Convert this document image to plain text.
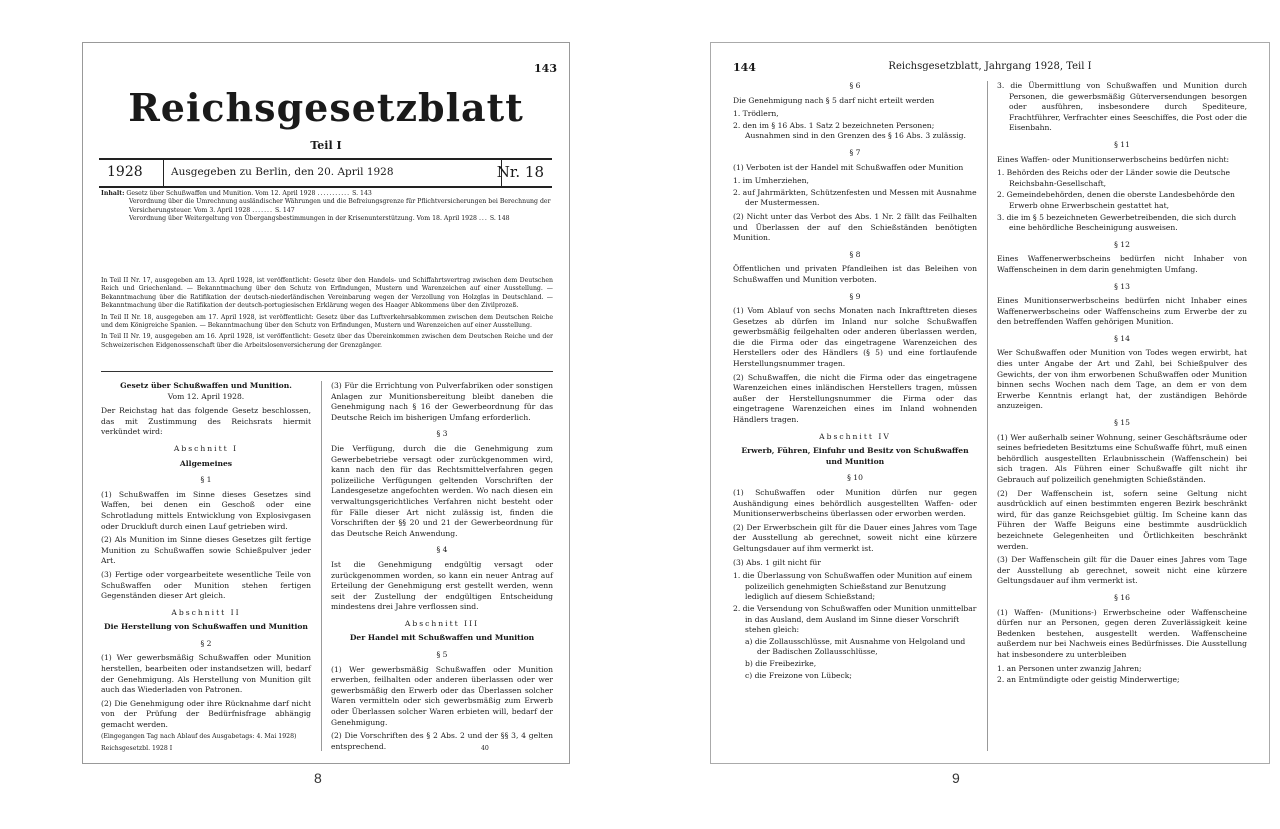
143
Reichsgesetzblatt
Teil I
1928	Ausgegeben zu Berlin, den 20. April 1928	Nr. 18
Inhalt: Gesetz über Schußwaffen und Munition. Vom 12. April 1928 ........... S. 143
Verordnung über die Umrechnung ausländischer Währungen und die Befreiungsgrenze für Pflichtversicherungen bei Berechnung der Versicherungsteuer. Vom 3. April 1928 ....... S. 147
Verordnung über Weitergeltung von Übergangsbestimmungen in der Krisenunterstützung. Vom 18. April 1928 ... S. 148

In Teil II Nr. 17, ausgegeben am 13. April 1928, ist veröffentlicht: Gesetz über den Handels- und Schiffahrtsvertrag zwischen dem Deutschen Reich und Griechenland. — Bekanntmachung über den Schutz von Erfindungen, Mustern und Warenzeichen auf einer Ausstellung. — Bekanntmachung über die Ratifikation der deutsch-niederländischen Vereinbarung wegen der Verzollung von Holzglas in Deutschland. — Bekanntmachung über die Ratifikation der deutsch-portugiesischen Erklärung wegen des Haager Abkommens über den Zivilprozeß.

In Teil II Nr. 18, ausgegeben am 17. April 1928, ist veröffentlicht: Gesetz über das Luftverkehrsabkommen zwischen dem Deutschen Reiche und dem Königreiche Spanien. — Bekanntmachung über den Schutz von Erfindungen, Mustern und Warenzeichen auf einer Ausstellung.

In Teil II Nr. 19, ausgegeben am 16. April 1928, ist veröffentlicht: Gesetz über das Übereinkommen zwischen dem Deutschen Reiche und der Schweizerischen Eidgenossenschaft über die Arbeitslosenversicherung der Grenzgänger.

Gesetz über Schußwaffen und Munition.
Vom 12. April 1928.

Der Reichstag hat das folgende Gesetz beschlossen, das mit Zustimmung des Reichsrats hiermit verkündet wird:

Abschnitt I
Allgemeines
§ 1

(1) Schußwaffen im Sinne dieses Gesetzes sind Waffen, bei denen ein Geschoß oder eine Schrotladung mittels Entwicklung von Explosivgasen oder Druckluft durch einen Lauf getrieben wird.

(2) Als Munition im Sinne dieses Gesetzes gilt fertige Munition zu Schußwaffen sowie Schießpulver jeder Art.

(3) Fertige oder vorgearbeitete wesentliche Teile von Schußwaffen oder Munition stehen fertigen Gegenständen dieser Art gleich.

Abschnitt II
Die Herstellung von Schußwaffen und Munition
§ 2

(1) Wer gewerbsmäßig Schußwaffen oder Munition herstellen, bearbeiten oder instandsetzen will, bedarf der Genehmigung. Als Herstellung von Munition gilt auch das Wiederladen von Patronen.

(2) Die Genehmigung oder ihre Rücknahme darf nicht von der Prüfung der Bedürfnisfrage abhängig gemacht werden.

(Eingegangen Tag nach Ablauf des Ausgabetags: 4. Mai 1928)
Reichsgesetzbl. 1928 I

(3) Für die Errichtung von Pulverfabriken oder sonstigen Anlagen zur Munitionsbereitung bleibt daneben die Genehmigung nach § 16 der Gewerbeordnung für das Deutsche Reich im bisherigen Umfang erforderlich.

§ 3

Die Verfügung, durch die die Genehmigung zum Gewerbebetriebe versagt oder zurückgenommen wird, kann nach den für das Rechtsmittelverfahren gegen polizeiliche Verfügungen geltenden Vorschriften der Landesgesetze angefochten werden. Wo nach diesen ein verwaltungsgerichtliches Verfahren nicht besteht oder für Fälle dieser Art nicht zulässig ist, finden die Vorschriften der §§ 20 und 21 der Gewerbeordnung für das Deutsche Reich Anwendung.

§ 4

Ist die Genehmigung endgültig versagt oder zurückgenommen worden, so kann ein neuer Antrag auf Erteilung der Genehmigung erst gestellt werden, wenn seit der Zustellung der endgültigen Entscheidung mindestens drei Jahre verflossen sind.

Abschnitt III
Der Handel mit Schußwaffen und Munition
§ 5

(1) Wer gewerbsmäßig Schußwaffen oder Munition erwerben, feilhalten oder anderen überlassen oder wer gewerbsmäßig den Erwerb oder das Überlassen solcher Waren vermitteln oder sich gewerbsmäßig zum Erwerb oder Überlassen solcher Waren erbieten will, bedarf der Genehmigung.

(2) Die Vorschriften des § 2 Abs. 2 und der §§ 3, 4 gelten entsprechend.	40
Reichsgesetzblatt, Jahrgang 1928, Teil I
144
§ 6

Die Genehmigung nach § 5 darf nicht erteilt werden

1. Trödlern,
2. den im § 16 Abs. 1 Satz 2 bezeichneten Personen; Ausnahmen sind in den Grenzen des § 16 Abs. 3 zulässig.
§ 7

(1) Verboten ist der Handel mit Schußwaffen oder Munition

1. im Umherziehen,
2. auf Jahrmärkten, Schützenfesten und Messen mit Ausnahme der Mustermessen.

(2) Nicht unter das Verbot des Abs. 1 Nr. 2 fällt das Feilhalten und Überlassen der auf den Schießständen benötigten Munition.

§ 8

Öffentlichen und privaten Pfandleihen ist das Beleihen von Schußwaffen und Munition verboten.

§ 9

(1) Vom Ablauf von sechs Monaten nach Inkrafttreten dieses Gesetzes ab dürfen im Inland nur solche Schußwaffen gewerbsmäßig feilgehalten oder anderen überlassen werden, die die Firma oder das eingetragene Warenzeichen des Herstellers oder des Händlers (§ 5) und eine fortlaufende Herstellungsnummer tragen.

(2) Schußwaffen, die nicht die Firma oder das eingetragene Warenzeichen eines inländischen Herstellers tragen, müssen außer der Herstellungsnummer die Firma oder das eingetragene Warenzeichen eines im Inland wohnenden Händlers tragen.

Abschnitt IV
Erwerb, Führen, Einfuhr und Besitz von Schußwaffen und Munition
§ 10

(1) Schußwaffen oder Munition dürfen nur gegen Aushändigung eines behördlich ausgestellten Waffen- oder Munitionserwerbscheins überlassen oder erworben werden.

(2) Der Erwerbschein gilt für die Dauer eines Jahres vom Tage der Ausstellung ab gerechnet, soweit nicht eine kürzere Geltungsdauer auf ihm vermerkt ist.

(3) Abs. 1 gilt nicht für

1. die Überlassung von Schußwaffen oder Munition auf einem polizeilich genehmigten Schießstand zur Benutzung lediglich auf diesem Schießstand;
2. die Versendung von Schußwaffen oder Munition unmittelbar in das Ausland, dem Ausland im Sinne dieser Vorschrift stehen gleich:
a) die Zollausschlüsse, mit Ausnahme von Helgoland und der Badischen Zollausschlüsse,
b) die Freibezirke,
c) die Freizone von Lübeck;

3. die Übermittlung von Schußwaffen und Munition durch Personen, die gewerbsmäßig Güterversendungen besorgen oder ausführen, insbesondere durch Spediteure, Frachtführer, Verfrachter eines Seeschiffes, die Post oder die Eisenbahn.

§ 11

Eines Waffen- oder Munitionserwerbscheins bedürfen nicht:

1. Behörden des Reichs oder der Länder sowie die Deutsche Reichsbahn-Gesellschaft,
2. Gemeindebehörden, denen die oberste Landesbehörde den Erwerb ohne Erwerbschein gestattet hat,
3. die im § 5 bezeichneten Gewerbetreibenden, die sich durch eine behördliche Bescheinigung ausweisen.
§ 12

Eines Waffenerwerbscheins bedürfen nicht Inhaber von Waffenscheinen in dem darin genehmigten Umfang.

§ 13

Eines Munitionserwerbscheins bedürfen nicht Inhaber eines Waffenerwerbscheins oder Waffenscheins zum Erwerbe der zu den betreffenden Waffen gehörigen Munition.

§ 14

Wer Schußwaffen oder Munition von Todes wegen erwirbt, hat dies unter Angabe der Art und Zahl, bei Schießpulver des Gewichts, der von ihm erworbenen Schußwaffen oder Munition binnen sechs Wochen nach dem Tage, an dem er von dem Erwerbe Kenntnis erlangt hat, der zuständigen Behörde anzuzeigen.

§ 15

(1) Wer außerhalb seiner Wohnung, seiner Geschäftsräume oder seines befriedeten Besitztums eine Schußwaffe führt, muß einen behördlich ausgestellten Erlaubnisschein (Waffenschein) bei sich tragen. Als Führen einer Schußwaffe gilt nicht ihr Gebrauch auf polizeilich genehmigten Schießständen.

(2) Der Waffenschein ist, sofern seine Geltung nicht ausdrücklich auf einen bestimmten engeren Bezirk beschränkt wird, für das ganze Reichsgebiet gültig. Im Scheine kann das Führen der Waffe Beiguns eine bestimmte ausdrücklich bezeichnete Gelegenheiten und Örtlichkeiten beschränkt werden.

(3) Der Waffenschein gilt für die Dauer eines Jahres vom Tage der Ausstellung ab gerechnet, soweit nicht eine kürzere Geltungsdauer auf ihm vermerkt ist.

§ 16

(1) Waffen- (Munitions-) Erwerbscheine oder Waffenscheine dürfen nur an Personen, gegen deren Zuverlässigkeit keine Bedenken bestehen, ausgestellt werden. Waffenscheine außerdem nur bei Nachweis eines Bedürfnisses. Die Ausstellung hat insbesondere zu unterbleiben

1. an Personen unter zwanzig Jahren;
2. an Entmündigte oder geistig Minderwertige;
8	9
